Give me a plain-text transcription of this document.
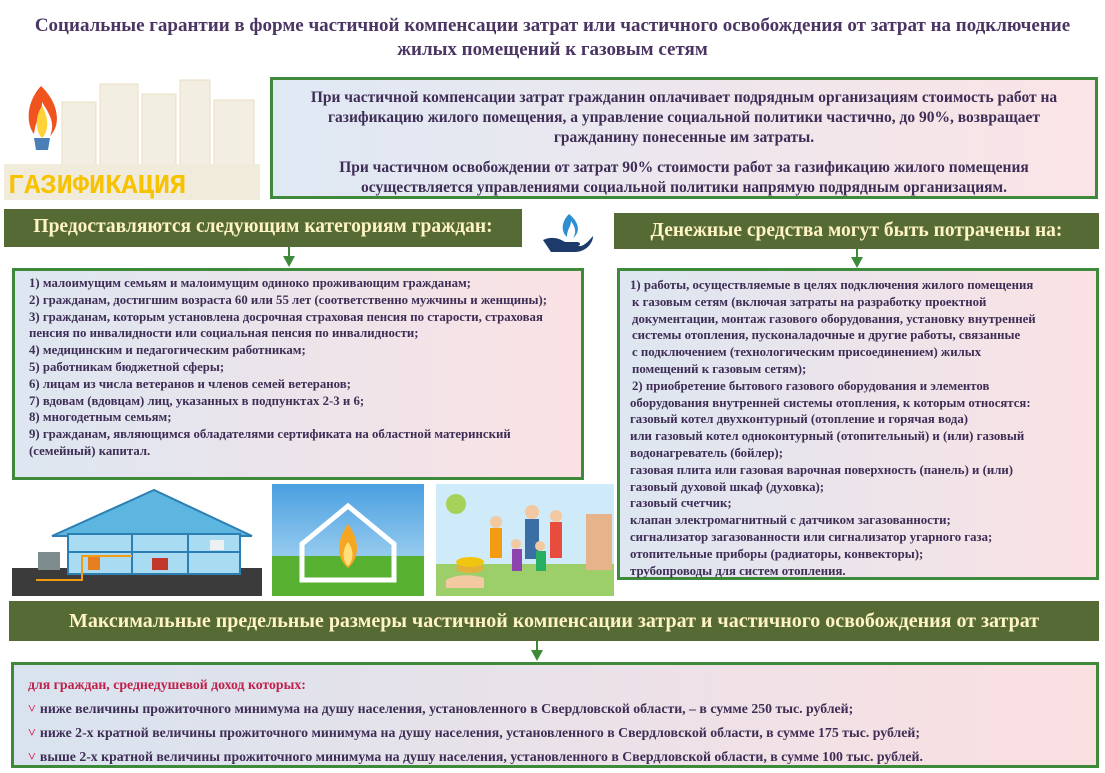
Социальные гарантии в форме частичной компенсации затрат или частичного освобождения от затрат на подключение жилых помещений к газовым сетям
ГАЗИФИКАЦИЯ

При частичной компенсации затрат гражданин оплачивает подрядным организациям стоимость работ на газификацию жилого помещения, а управление социальной политики частично, до 90%, возвращает гражданину понесенные им затраты.

При частичном освобождении от затрат 90% стоимости работ за газификацию жилого помещения осуществляется управлениями социальной политики напрямую подрядным организациям.

Предоставляются следующим категориям граждан:	Денежные средства могут быть потрачены на:
1) малоимущим семьям и малоимущим одиноко проживающим гражданам;
2) гражданам, достигшим возраста 60 или 55 лет (соответственно мужчины и женщины);
3) гражданам, которым установлена досрочная страховая пенсия по старости, страховая пенсия по инвалидности или социальная пенсия по инвалидности;
4) медицинским и педагогическим работникам;
5) работникам бюджетной сферы;
6) лицам из числа ветеранов и членов семей ветеранов;
7) вдовам (вдовцам) лиц, указанных в подпунктах 2-3 и 6;
8) многодетным семьям;
9) гражданам, являющимся обладателями сертификата на областной материнский (семейный) капитал.
1) работы, осуществляемые в целях подключения жилого помещения
к газовым сетям (включая затраты на разработку проектной
документации, монтаж газового оборудования, установку внутренней
системы отопления, пусконаладочные и другие работы, связанные
с подключением (технологическим присоединением) жилых
помещений к газовым сетям);
2) приобретение бытового газового оборудования и элементов
оборудования внутренней системы отопления, к которым относятся:
газовый котел двухконтурный (отопление и горячая вода)
или газовый котел одноконтурный (отопительный) и (или) газовый
водонагреватель (бойлер);
газовая плита или газовая варочная поверхность (панель) и (или)
газовый духовой шкаф (духовка);
газовый счетчик;
клапан электромагнитный с датчиком загазованности;
сигнализатор загазованности или сигнализатор угарного газа;
отопительные приборы (радиаторы, конвекторы);
трубопроводы для систем отопления.
Максимальные предельные размеры частичной компенсации затрат и частичного освобождения от затрат
для граждан, среднедушевой доход которых:
˅ ниже величины прожиточного минимума на душу населения, установленного в Свердловской области, – в сумме 250 тыс. рублей;
˅ ниже 2-х кратной величины прожиточного минимума на душу населения, установленного в Свердловской области, в сумме 175 тыс. рублей;
˅ выше 2-х кратной величины прожиточного минимума на душу населения, установленного в Свердловской области, в сумме 100 тыс. рублей.
